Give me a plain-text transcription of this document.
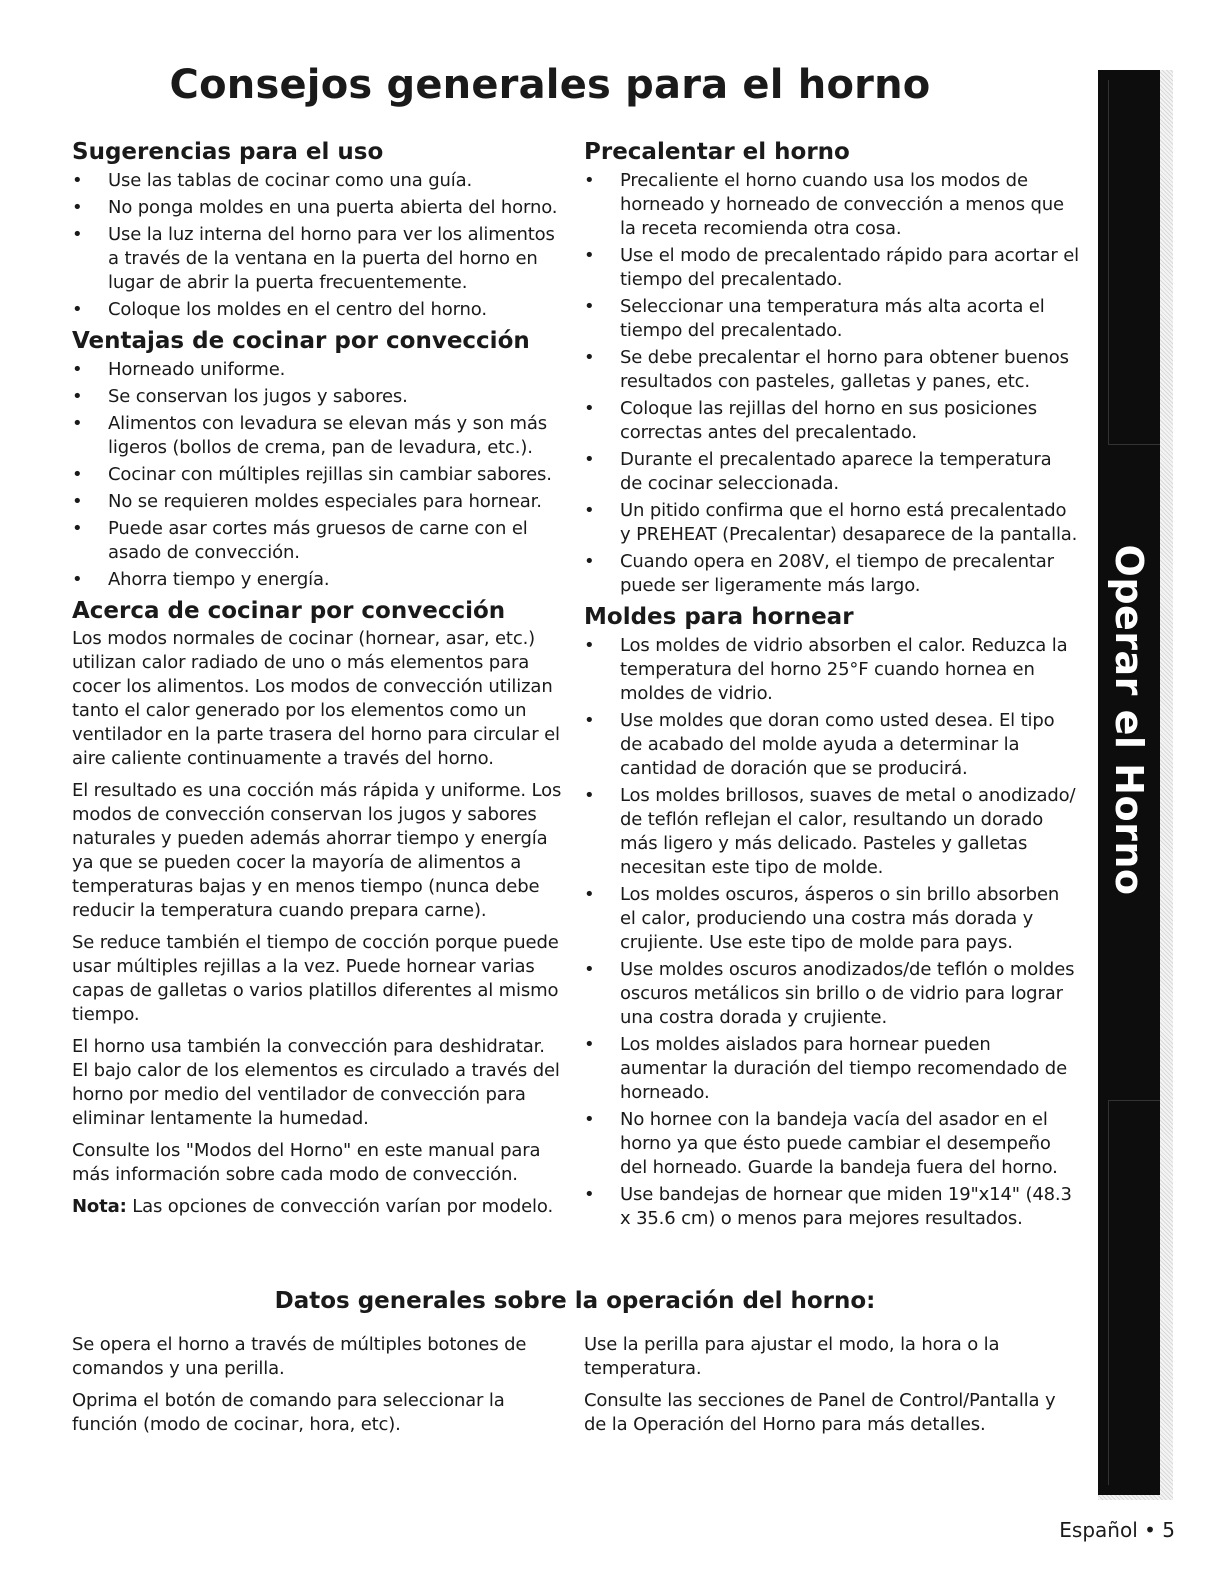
Consejos generales para el horno
Sugerencias para el uso
• Use las tablas de cocinar como una guía.
• No ponga moldes en una puerta abierta del horno.
• Use la luz interna del horno para ver los alimentos a través de la ventana en la puerta del horno en lugar de abrir la puerta frecuentemente.
• Coloque los moldes en el centro del horno.
Ventajas de cocinar por convección
• Horneado uniforme.
• Se conservan los jugos y sabores.
• Alimentos con levadura se elevan más y son más ligeros (bollos de crema, pan de levadura, etc.).
• Cocinar con múltiples rejillas sin cambiar sabores.
• No se requieren moldes especiales para hornear.
• Puede asar cortes más gruesos de carne con el asado de convección.
• Ahorra tiempo y energía.
Acerca de cocinar por convección

Los modos normales de cocinar (hornear, asar, etc.) utilizan calor radiado de uno o más elementos para cocer los alimentos. Los modos de convección utilizan tanto el calor generado por los elementos como un ventilador en la parte trasera del horno para circular el aire caliente continuamente a través del horno.

El resultado es una cocción más rápida y uniforme. Los modos de convección conservan los jugos y sabores naturales y pueden además ahorrar tiempo y energía ya que se pueden cocer la mayoría de alimentos a temperaturas bajas y en menos tiempo (nunca debe reducir la temperatura cuando prepara carne).

Se reduce también el tiempo de cocción porque puede usar múltiples rejillas a la vez. Puede hornear varias capas de galletas o varios platillos diferentes al mismo tiempo.

El horno usa también la convección para deshidratar. El bajo calor de los elementos es circulado a través del horno por medio del ventilador de convección para eliminar lentamente la humedad.

Consulte los "Modos del Horno" en este manual para más información sobre cada modo de convección.

Nota: Las opciones de convección varían por modelo.

Precalentar el horno
• Precaliente el horno cuando usa los modos de horneado y horneado de convección a menos que la receta recomienda otra cosa.
• Use el modo de precalentado rápido para acortar el tiempo del precalentado.
• Seleccionar una temperatura más alta acorta el tiempo del precalentado.
• Se debe precalentar el horno para obtener buenos resultados con pasteles, galletas y panes, etc.
• Coloque las rejillas del horno en sus posiciones correctas antes del precalentado.
• Durante el precalentado aparece la temperatura de cocinar seleccionada.
• Un pitido confirma que el horno está precalentado y PREHEAT (Precalentar) desaparece de la pantalla.
• Cuando opera en 208V, el tiempo de precalentar puede ser ligeramente más largo.
Moldes para hornear
• Los moldes de vidrio absorben el calor. Reduzca la temperatura del horno 25°F cuando hornea en moldes de vidrio.
• Use moldes que doran como usted desea. El tipo de acabado del molde ayuda a determinar la cantidad de doración que se producirá.
• Los moldes brillosos, suaves de metal o anodizado/ de teflón reflejan el calor, resultando un dorado más ligero y más delicado. Pasteles y galletas necesitan este tipo de molde.
• Los moldes oscuros, ásperos o sin brillo absorben el calor, produciendo una costra más dorada y crujiente. Use este tipo de molde para pays.
• Use moldes oscuros anodizados/de teflón o moldes oscuros metálicos sin brillo o de vidrio para lograr una costra dorada y crujiente.
• Los moldes aislados para hornear pueden aumentar la duración del tiempo recomendado de horneado.
• No hornee con la bandeja vacía del asador en el horno ya que ésto puede cambiar el desempeño del horneado. Guarde la bandeja fuera del horno.
• Use bandejas de hornear que miden 19"x14" (48.3 x 35.6 cm) o menos para mejores resultados.
Datos generales sobre la operación del horno:

Se opera el horno a través de múltiples botones de comandos y una perilla.

Oprima el botón de comando para seleccionar la función (modo de cocinar, hora, etc).

Use la perilla para ajustar el modo, la hora o la temperatura.

Consulte las secciones de Panel de Control/Pantalla y de la Operación del Horno para más detalles.

Operar el Horno
Español • 5
